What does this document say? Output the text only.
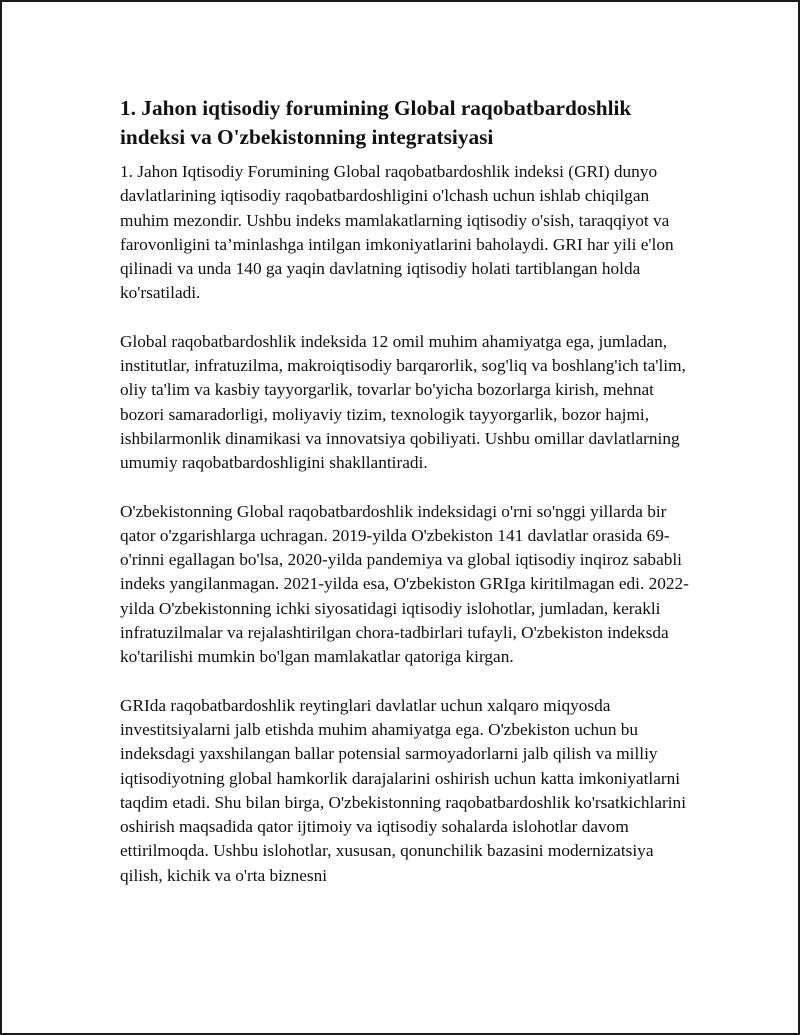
1. Jahon iqtisodiy forumining Global raqobatbardoshlik indeksi va O'zbekistonning integratsiyasi

1. Jahon Iqtisodiy Forumining Global raqobatbardoshlik indeksi (GRI) dunyo davlatlarining iqtisodiy raqobatbardoshligini o'lchash uchun ishlab chiqilgan muhim mezondir. Ushbu indeks mamlakatlarning iqtisodiy o'sish, taraqqiyot va farovonligini ta’minlashga intilgan imkoniyatlarini baholaydi. GRI har yili e'lon qilinadi va unda 140 ga yaqin davlatning iqtisodiy holati tartiblangan holda ko'rsatiladi.

Global raqobatbardoshlik indeksida 12 omil muhim ahamiyatga ega, jumladan, institutlar, infratuzilma, makroiqtisodiy barqarorlik, sog'liq va boshlang'ich ta'lim, oliy ta'lim va kasbiy tayyorgarlik, tovarlar bo'yicha bozorlarga kirish, mehnat bozori samaradorligi, moliyaviy tizim, texnologik tayyorgarlik, bozor hajmi, ishbilarmonlik dinamikasi va innovatsiya qobiliyati. Ushbu omillar davlatlarning umumiy raqobatbardoshligini shakllantiradi.

O'zbekistonning Global raqobatbardoshlik indeksidagi o'rni so'nggi yillarda bir qator o'zgarishlarga uchragan. 2019-yilda O'zbekiston 141 davlatlar orasida 69-o'rinni egallagan bo'lsa, 2020-yilda pandemiya va global iqtisodiy inqiroz sababli indeks yangilanmagan. 2021-yilda esa, O'zbekiston GRIga kiritilmagan edi. 2022-yilda O'zbekistonning ichki siyosatidagi iqtisodiy islohotlar, jumladan, kerakli infratuzilmalar va rejalashtirilgan chora-tadbirlari tufayli, O'zbekiston indeksda ko'tarilishi mumkin bo'lgan mamlakatlar qatoriga kirgan.

GRIda raqobatbardoshlik reytinglari davlatlar uchun xalqaro miqyosda investitsiyalarni jalb etishda muhim ahamiyatga ega. O'zbekiston uchun bu indeksdagi yaxshilangan ballar potensial sarmoyadorlarni jalb qilish va milliy iqtisodiyotning global hamkorlik darajalarini oshirish uchun katta imkoniyatlarni taqdim etadi. Shu bilan birga, O'zbekistonning raqobatbardoshlik ko'rsatkichlarini oshirish maqsadida qator ijtimoiy va iqtisodiy sohalarda islohotlar davom ettirilmoqda. Ushbu islohotlar, xususan, qonunchilik bazasini modernizatsiya qilish, kichik va o'rta biznesni
